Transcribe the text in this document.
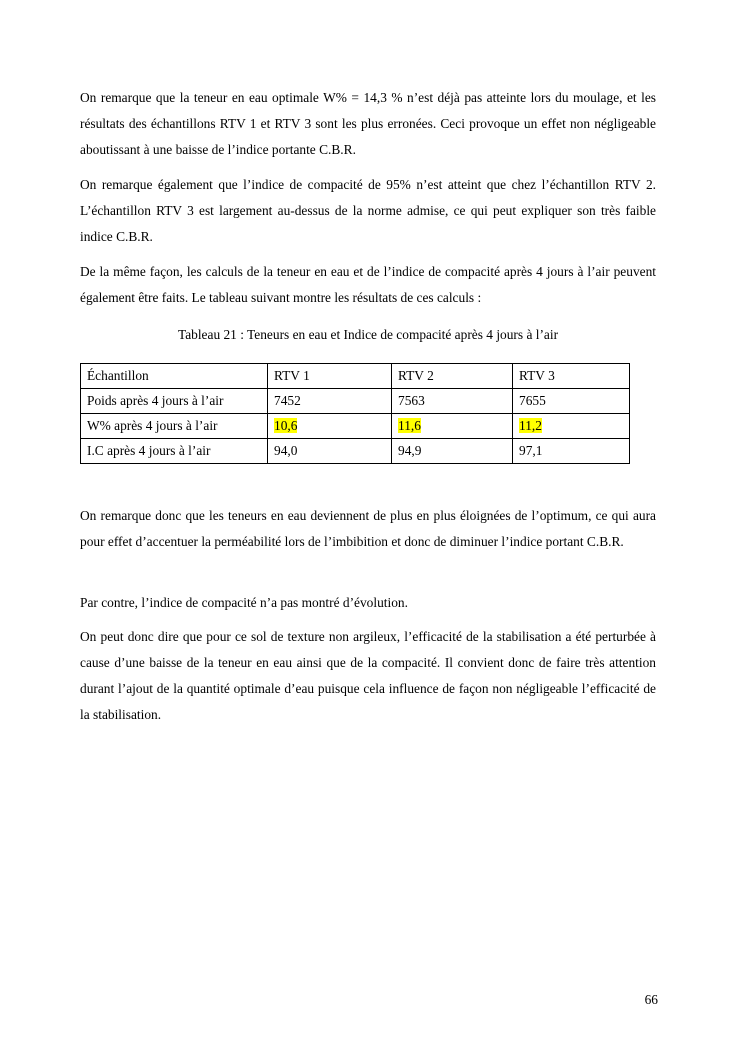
On remarque que la teneur en eau optimale W% = 14,3 % n’est déjà pas atteinte lors du moulage, et les résultats des échantillons RTV 1 et RTV 3 sont les plus erronées. Ceci provoque un effet non négligeable aboutissant à une baisse de l’indice portante C.B.R.

On remarque également que l’indice de compacité de 95% n’est atteint que chez l’échantillon RTV 2. L’échantillon RTV 3 est largement au-dessus de la norme admise, ce qui peut expliquer son très faible indice C.B.R.

De la même façon, les calculs de la teneur en eau et de l’indice de compacité après 4 jours à l’air peuvent également être faits. Le tableau suivant montre les résultats de ces calculs :

Tableau 21 : Teneurs en eau et Indice de compacité après 4 jours à l’air

Échantillon	RTV 1	RTV 2	RTV 3
Poids après 4 jours à l’air	7452	7563	7655
W% après 4 jours à l’air	10,6	11,6	11,2
I.C après 4 jours à l’air	94,0	94,9	97,1

On remarque donc que les teneurs en eau deviennent de plus en plus éloignées de l’optimum, ce qui aura pour effet d’accentuer la perméabilité lors de l’imbibition et donc de diminuer l’indice portant C.B.R.

Par contre, l’indice de compacité n’a pas montré d’évolution.

On peut donc dire que pour ce sol de texture non argileux, l’efficacité de la stabilisation a été perturbée à cause d’une baisse de la teneur en eau ainsi que de la compacité. Il convient donc de faire très attention durant l’ajout de la quantité optimale d’eau puisque cela influence de façon non négligeable l’efficacité de la stabilisation.

66
